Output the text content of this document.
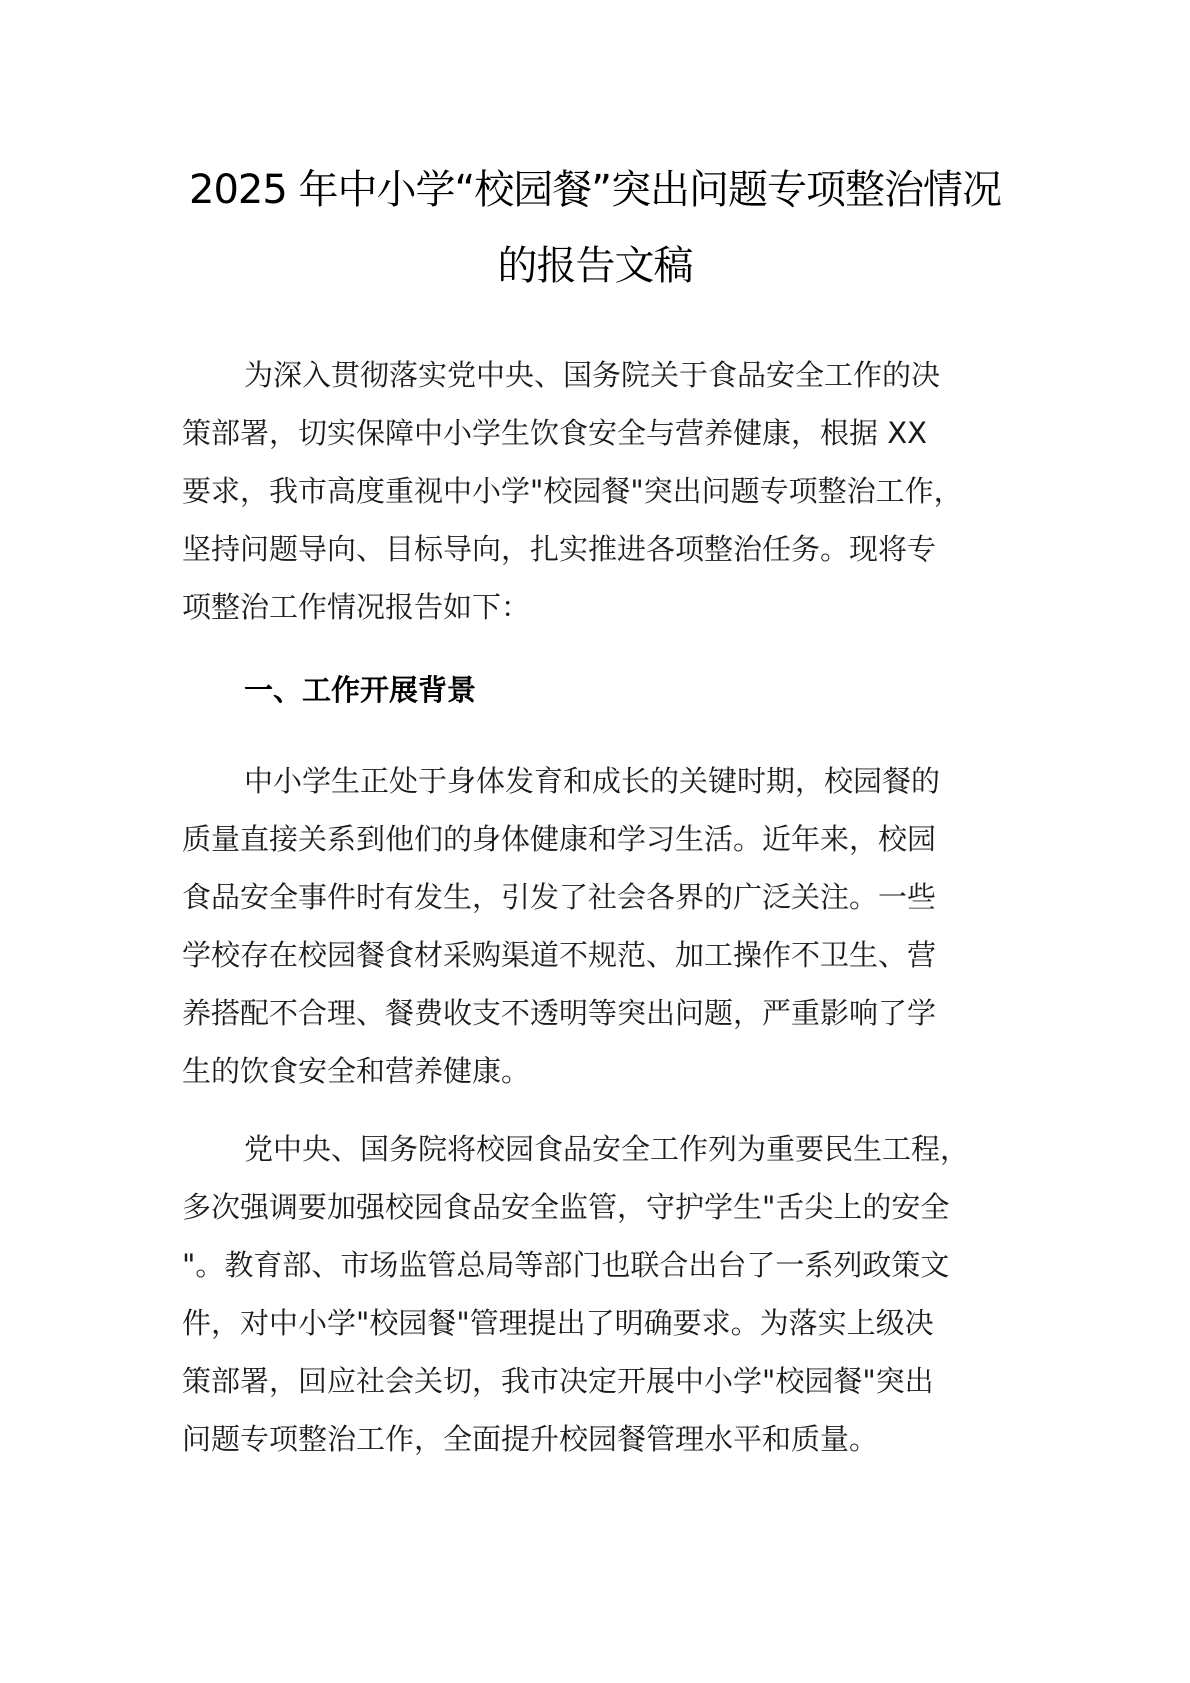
2025 年中小学“校园餐”突出问题专项整治情况
的报告文稿

为深入贯彻落实党中央、国务院关于食品安全工作的决
策部署，切实保障中小学生饮食安全与营养健康，根据 XX
要求，我市高度重视中小学"校园餐"突出问题专项整治工作，
坚持问题导向、目标导向，扎实推进各项整治任务。现将专
项整治工作情况报告如下：

一、工作开展背景

中小学生正处于身体发育和成长的关键时期，校园餐的
质量直接关系到他们的身体健康和学习生活。近年来，校园
食品安全事件时有发生，引发了社会各界的广泛关注。一些
学校存在校园餐食材采购渠道不规范、加工操作不卫生、营
养搭配不合理、餐费收支不透明等突出问题，严重影响了学
生的饮食安全和营养健康。

党中央、国务院将校园食品安全工作列为重要民生工程，
多次强调要加强校园食品安全监管，守护学生"舌尖上的安全
"。教育部、市场监管总局等部门也联合出台了一系列政策文
件，对中小学"校园餐"管理提出了明确要求。为落实上级决
策部署，回应社会关切，我市决定开展中小学"校园餐"突出
问题专项整治工作，全面提升校园餐管理水平和质量。
